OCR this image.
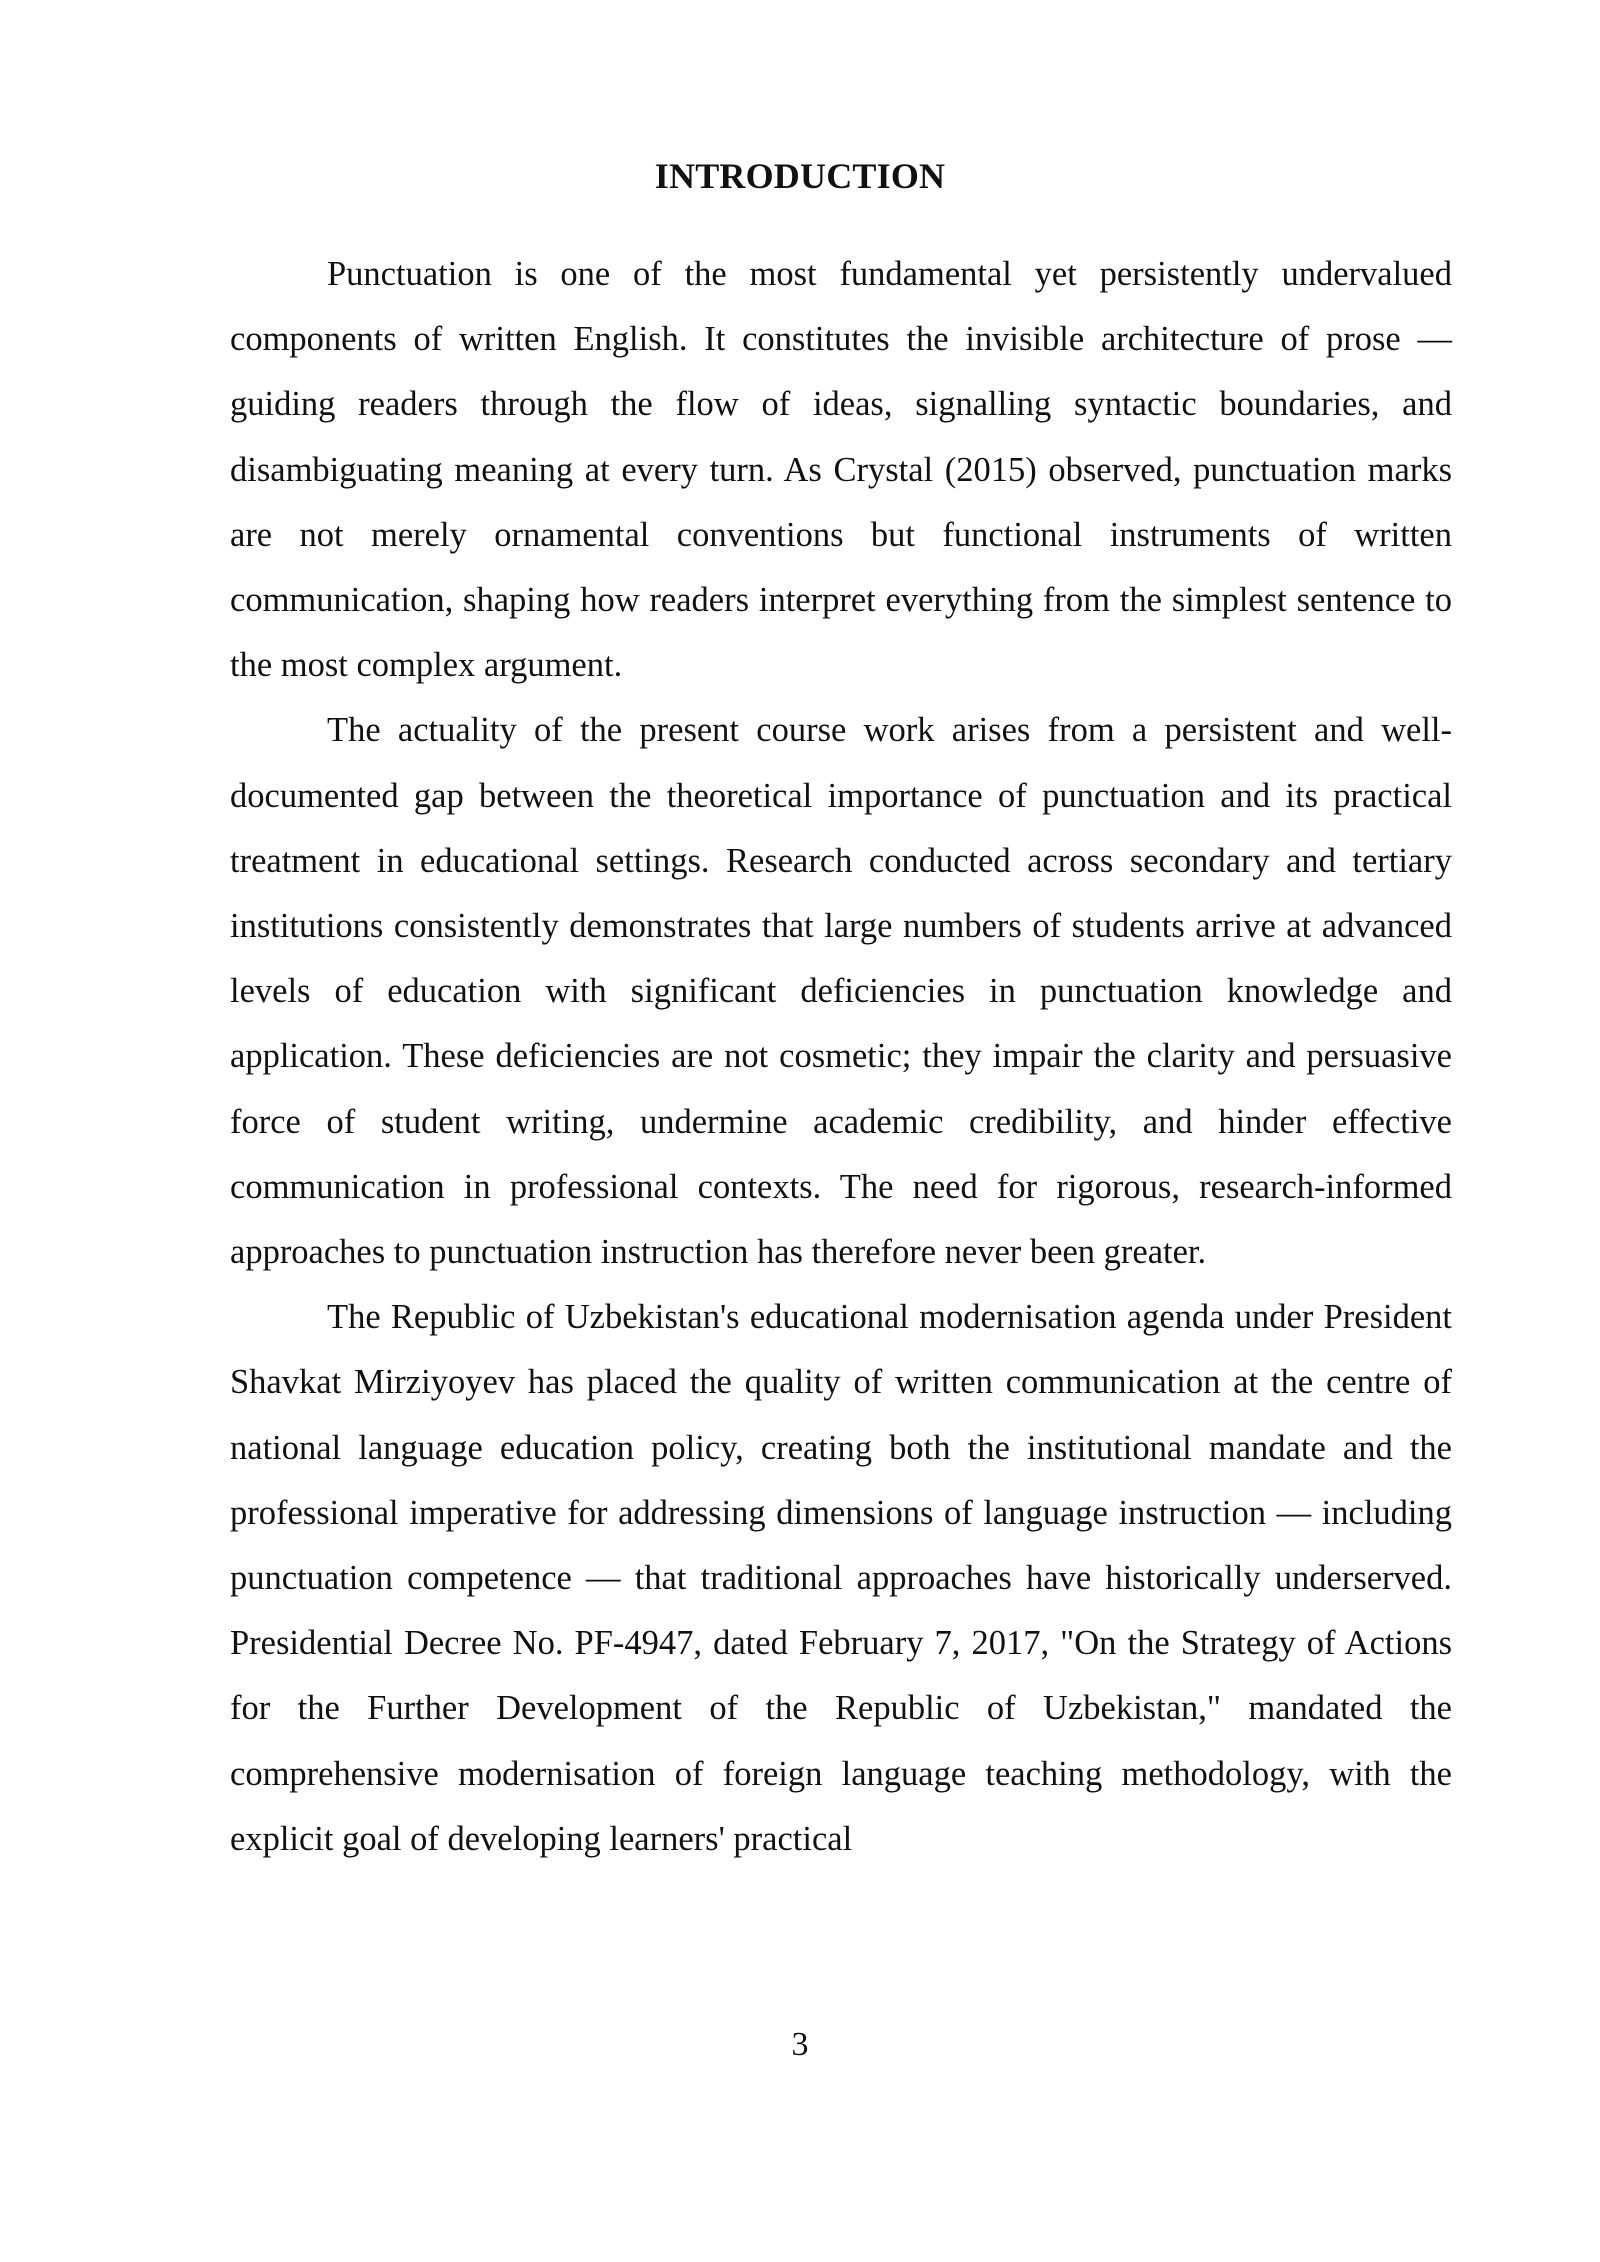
INTRODUCTION

Punctuation is one of the most fundamental yet persistently undervalued components of written English. It constitutes the invisible architecture of prose — guiding readers through the flow of ideas, signalling syntactic boundaries, and disambiguating meaning at every turn. As Crystal (2015) observed, punctuation marks are not merely ornamental conventions but functional instruments of written communication, shaping how readers interpret everything from the simplest sentence to the most complex argument.

The actuality of the present course work arises from a persistent and well-documented gap between the theoretical importance of punctuation and its practical treatment in educational settings. Research conducted across secondary and tertiary institutions consistently demonstrates that large numbers of students arrive at advanced levels of education with significant deficiencies in punctuation knowledge and application. These deficiencies are not cosmetic; they impair the clarity and persuasive force of student writing, undermine academic credibility, and hinder effective communication in professional contexts. The need for rigorous, research-informed approaches to punctuation instruction has therefore never been greater.

The Republic of Uzbekistan's educational modernisation agenda under President Shavkat Mirziyoyev has placed the quality of written communication at the centre of national language education policy, creating both the institutional mandate and the professional imperative for addressing dimensions of language instruction — including punctuation competence — that traditional approaches have historically underserved. Presidential Decree No. PF-4947, dated February 7, 2017, "On the Strategy of Actions for the Further Development of the Republic of Uzbekistan," mandated the comprehensive modernisation of foreign language teaching methodology, with the explicit goal of developing learners' practical

3
